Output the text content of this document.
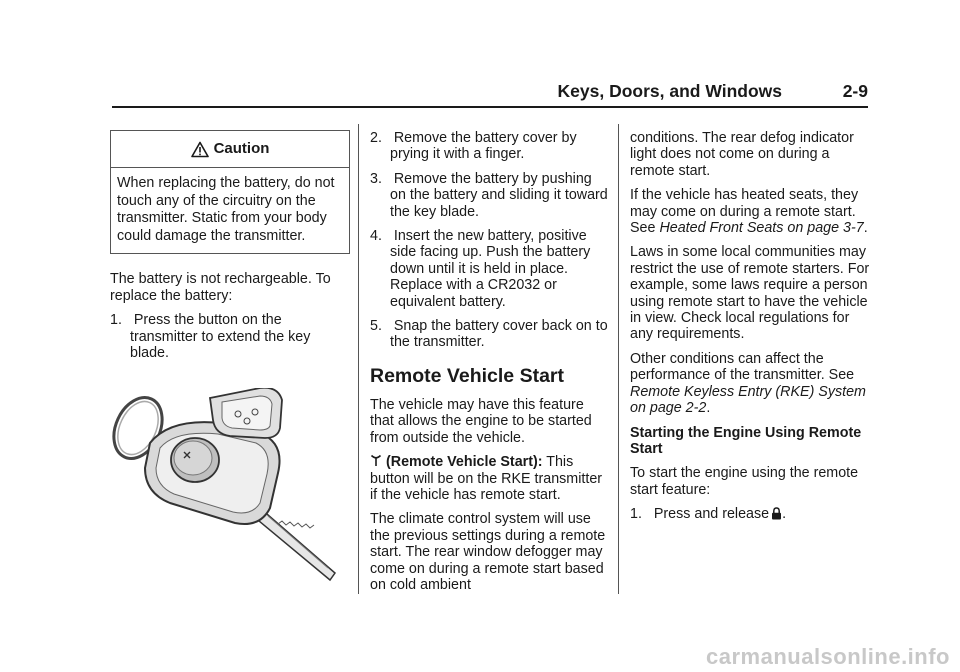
Keys, Doors, and Windows	2-9
Caution
When replacing the battery, do not touch any of the circuitry on the transmitter. Static from your body could damage the transmitter.

The battery is not rechargeable. To replace the battery:

1. Press the button on the transmitter to extend the key blade.

2. Remove the battery cover by prying it with a finger.

3. Remove the battery by pushing on the battery and sliding it toward the key blade.

4. Insert the new battery, positive side facing up. Push the battery down until it is held in place. Replace with a CR2032 or equivalent battery.

5. Snap the battery cover back on to the transmitter.

Remote Vehicle Start

The vehicle may have this feature that allows the engine to be started from outside the vehicle.

(Remote Vehicle Start): This button will be on the RKE transmitter if the vehicle has remote start.

The climate control system will use the previous settings during a remote start. The rear window defogger may come on during a remote start based on cold ambient

conditions. The rear defog indicator light does not come on during a remote start.

If the vehicle has heated seats, they may come on during a remote start. See Heated Front Seats on page 3-7.

Laws in some local communities may restrict the use of remote starters. For example, some laws require a person using remote start to have the vehicle in view. Check local regulations for any requirements.

Other conditions can affect the performance of the transmitter. See Remote Keyless Entry (RKE) System on page 2-2.

Starting the Engine Using Remote Start

To start the engine using the remote start feature:

1. Press and release .

carmanualsonline.info
